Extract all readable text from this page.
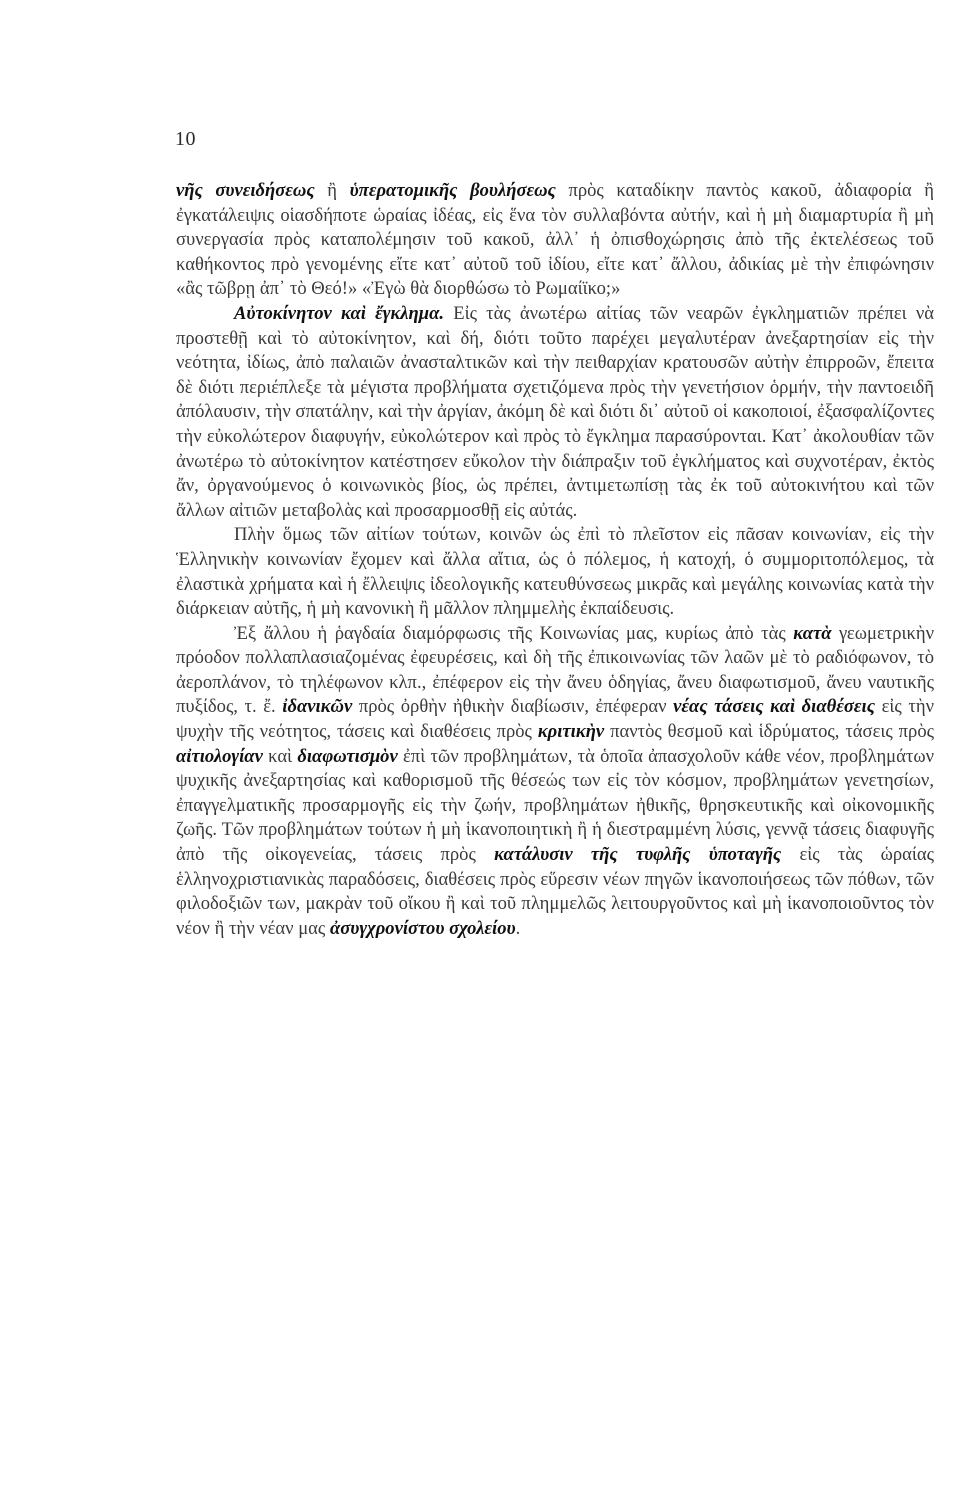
10

νῆς συνειδήσεως ἢ ὑπερατομικῆς βουλήσεως πρὸς καταδίκην παντὸς κακοῦ, ἀδιαφορία ἢ ἐγκατάλειψις οἱασδήποτε ὡραίας ἰδέας, εἰς ἕνα τὸν συλλαβόντα αὐτήν, καὶ ἡ μὴ διαμαρτυρία ἢ μὴ συνεργασία πρὸς καταπολέμησιν τοῦ κακοῦ, ἀλλ᾽ ἡ ὀπισθοχώρησις ἀπὸ τῆς ἐκτελέσεως τοῦ καθήκοντος πρὸ γενομένης εἴτε κατ᾽ αὐτοῦ τοῦ ἰδίου, εἴτε κατ᾽ ἄλλου, ἀδικίας μὲ τὴν ἐπιφώνησιν «ἂς τῶβρῃ ἀπ᾽ τὸ Θεό!» «Ἐγὼ θὰ διορθώσω τὸ Ρωμαίϊκο;»

Αὐτοκίνητον καὶ ἔγκλημα. Εἰς τὰς ἀνωτέρω αἰτίας τῶν νεαρῶν ἐγκληματιῶν πρέπει νὰ προστεθῇ καὶ τὸ αὐτοκίνητον, καὶ δή, διότι τοῦτο παρέχει μεγαλυτέραν ἀνεξαρτησίαν εἰς τὴν νεότητα, ἰδίως, ἀπὸ παλαιῶν ἀνασταλτικῶν καὶ τὴν πειθαρχίαν κρατουσῶν αὐτὴν ἐπιρροῶν, ἔπειτα δὲ διότι περιέπλεξε τὰ μέγιστα προβλήματα σχετιζόμενα πρὸς τὴν γενετήσιον ὁρμήν, τὴν παντοειδῆ ἀπόλαυσιν, τὴν σπατάλην, καὶ τὴν ἀργίαν, ἀκόμη δὲ καὶ διότι δι᾽ αὐτοῦ οἱ κακοποιοί, ἐξασφαλίζοντες τὴν εὐκολώτερον διαφυγήν, εὐκολώτερον καὶ πρὸς τὸ ἔγκλημα παρασύρονται. Κατ᾽ ἀκολουθίαν τῶν ἀνωτέρω τὸ αὐτοκίνητον κατέστησεν εὔκολον τὴν διάπραξιν τοῦ ἐγκλήματος καὶ συχνοτέραν, ἐκτὸς ἄν, ὀργανούμενος ὁ κοινωνικὸς βίος, ὡς πρέπει, ἀντιμετωπίσῃ τὰς ἐκ τοῦ αὐτοκινήτου καὶ τῶν ἄλλων αἰτιῶν μεταβολὰς καὶ προσαρμοσθῇ εἰς αὐτάς.

Πλὴν ὅμως τῶν αἰτίων τούτων, κοινῶν ὡς ἐπὶ τὸ πλεῖστον εἰς πᾶσαν κοινωνίαν, εἰς τὴν Ἑλληνικὴν κοινωνίαν ἔχομεν καὶ ἄλλα αἴτια, ὡς ὁ πόλεμος, ἡ κατοχή, ὁ συμμοριτοπόλεμος, τὰ ἐλαστικὰ χρήματα καὶ ἡ ἔλλειψις ἰδεολογικῆς κατευθύνσεως μικρᾶς καὶ μεγάλης κοινωνίας κατὰ τὴν διάρκειαν αὐτῆς, ἡ μὴ κανονικὴ ἢ μᾶλλον πλημμελὴς ἐκπαίδευσις.

Ἐξ ἄλλου ἡ ῥαγδαία διαμόρφωσις τῆς Κοινωνίας μας, κυρίως ἀπὸ τὰς κατὰ γεωμετρικὴν πρόοδον πολλαπλασιαζομένας ἐφευρέσεις, καὶ δὴ τῆς ἐπικοινωνίας τῶν λαῶν μὲ τὸ ραδιόφωνον, τὸ ἀεροπλάνον, τὸ τηλέφωνον κλπ., ἐπέφερον εἰς τὴν ἄνευ ὁδηγίας, ἄνευ διαφωτισμοῦ, ἄνευ ναυτικῆς πυξίδος, τ. ἔ. ἰδανικῶν πρὸς ὀρθὴν ἠθικὴν διαβίωσιν, ἐπέφεραν νέας τάσεις καὶ διαθέσεις εἰς τὴν ψυχὴν τῆς νεότητος, τάσεις καὶ διαθέσεις πρὸς κριτικὴν παντὸς θεσμοῦ καὶ ἱδρύματος, τάσεις πρὸς αἰτιολογίαν καὶ διαφωτισμὸν ἐπὶ τῶν προβλημάτων, τὰ ὁποῖα ἀπασχολοῦν κάθε νέον, προβλημάτων ψυχικῆς ἀνεξαρτησίας καὶ καθορισμοῦ τῆς θέσεώς των εἰς τὸν κόσμον, προβλημάτων γενετησίων, ἐπαγγελματικῆς προσαρμογῆς εἰς τὴν ζωήν, προβλημάτων ἠθικῆς, θρησκευτικῆς καὶ οἰκονομικῆς ζωῆς. Τῶν προβλημάτων τούτων ἡ μὴ ἱκανοποιητικὴ ἢ ἡ διεστραμμένη λύσις, γεννᾷ τάσεις διαφυγῆς ἀπὸ τῆς οἰκογενείας, τάσεις πρὸς κατάλυσιν τῆς τυφλῆς ὑποταγῆς εἰς τὰς ὡραίας ἑλληνοχριστιανικὰς παραδόσεις, διαθέσεις πρὸς εὕρεσιν νέων πηγῶν ἱκανοποιήσεως τῶν πόθων, τῶν φιλοδοξιῶν των, μακρὰν τοῦ οἴκου ἢ καὶ τοῦ πλημμελῶς λειτουργοῦντος καὶ μὴ ἱκανοποιοῦντος τὸν νέον ἢ τὴν νέαν μας ἀσυγχρονίστου σχολείου.
